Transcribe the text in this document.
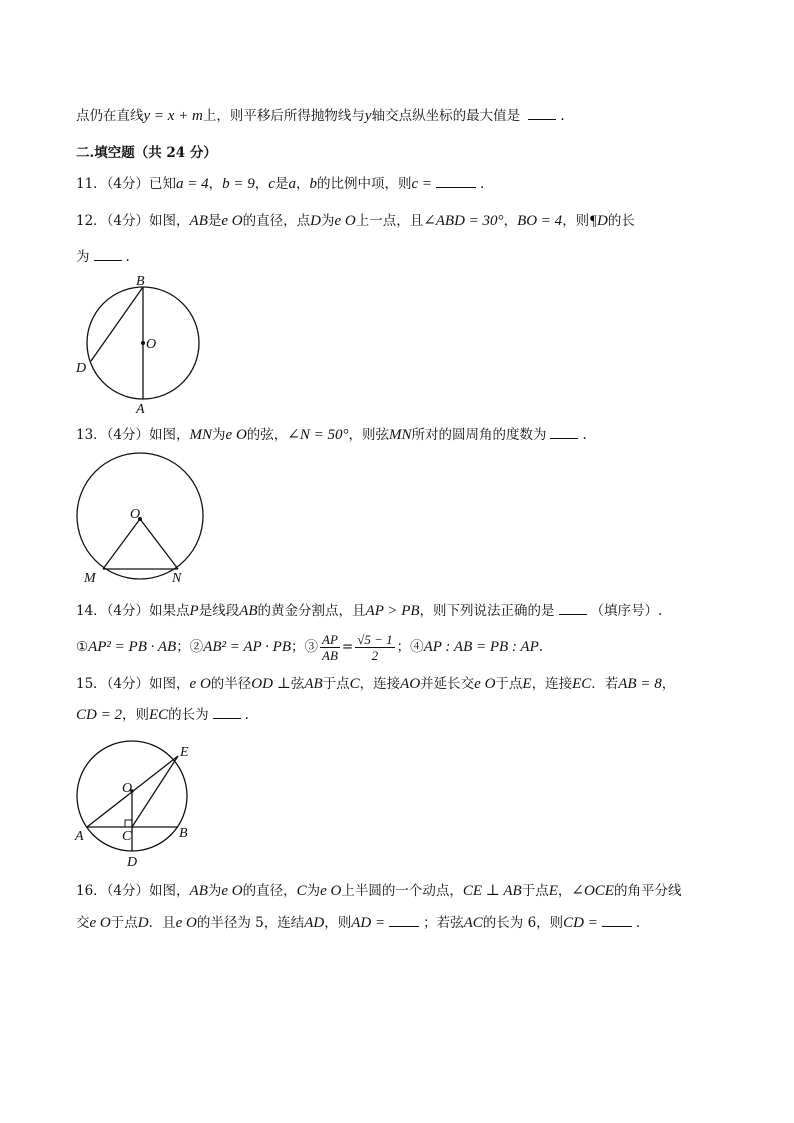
点仍在直线y = x + m上，则平移后所得抛物线与y轴交点纵坐标的最大值是	.
二.填空题（共 24 分）
11．（4分）已知a = 4，b = 9，c是a，b的比例中项，则c =	.
12．（4分）如图，AB是e O的直径，点D为e O上一点，且∠ABD = 30°，BO = 4，则¶D的长
为	.
B
O
D
A
13．（4分）如图，MN为e O的弦，∠N = 50°，则弦MN所对的圆周角的度数为	.
O
M	N
14．（4分）如果点P是线段AB的黄金分割点，且AP > PB，则下列说法正确的是	（填序号）.
①AP² = PB · AB；②AB² = AP · PB；③ $\frac{AP}{AB} = \frac{√5 - 1}{2}$ ；④AP : AB = PB : AP.
15．（4分）如图，e O的半径OD ⊥弦AB于点C，连接AO并延长交e O于点E，连接EC．若AB = 8，
CD = 2，则EC的长为	.
E
O
A	C	B
D
16．（4分）如图，AB为e O的直径，C为e O上半圆的一个动点，CE ⊥ AB于点E，∠OCE的角平分线
交e O于点D．且e O的半径为 5，连结AD，则AD =	；若弦AC的长为 6，则CD =	.
